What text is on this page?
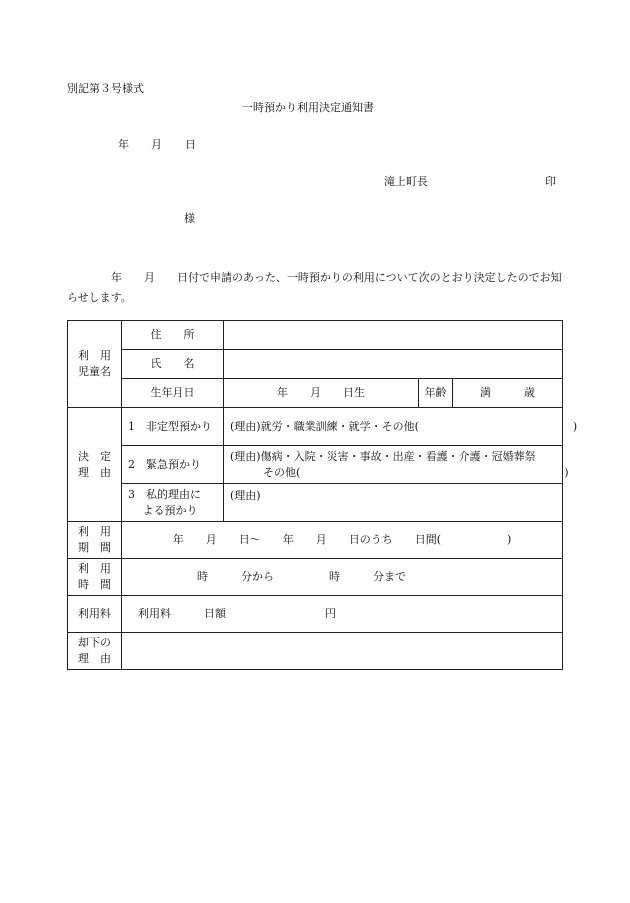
別記第３号様式
一時預かり利用決定通知書
年 月 日
滝上町長	印
様
　　　　年　　月　　日付で申請のあった、一時預かりの利用について次のとおり決定したのでお知らせします。
利　用
児童名	住　　所			
	氏　　名			
	生年月日	年　　月　　日生	年齢	満　　　歳
決　定
理　由	1　非定型預かり	(理由)就労・職業訓練・就学・その他(　　　　　　　　　　　　　　)		
	2　緊急預かり	(理由)傷病・入院・災害・事故・出産・看護・介護・冠婚葬祭
　　　その他(　　　　　　　　　　　　　　　　　　　　　　　　)		

	3　私的理由に
　 よる預かり	(理由)		
利　用
期　間	年　　月　　日～　　年　　月　　日のうち　　日間(　　　　　　)			
利　用
時　間	時　　　分から　　　　　時　　　分まで			
利用料	利用料　　　日額　　　　　　　　　円			
却下の
理　由				
